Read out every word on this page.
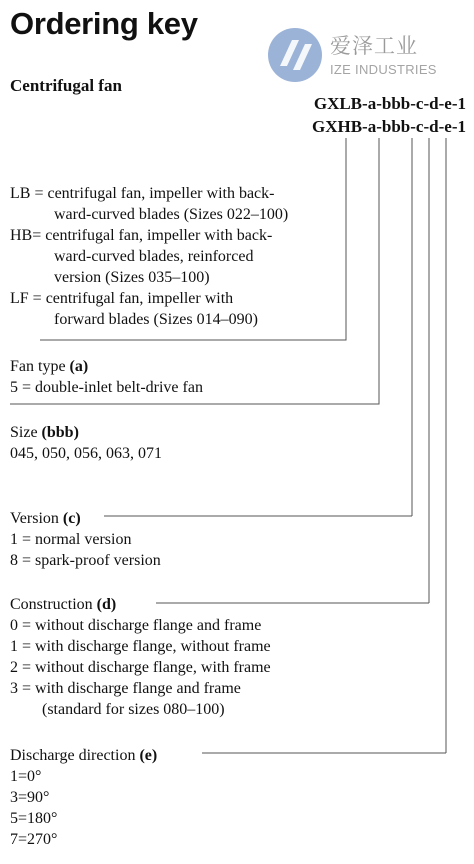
Ordering key
爱泽工业
IZE INDUSTRIES
Centrifugal fan
GXLB-a-bbb-c-d-e-1
GXHB-a-bbb-c-d-e-1
LB = centrifugal fan, impeller with back-
ward-curved blades (Sizes 022–100)
HB= centrifugal fan, impeller with back-
ward-curved blades, reinforced
version (Sizes 035–100)
LF = centrifugal fan, impeller with
forward blades (Sizes 014–090)
Fan type (a)
5 = double-inlet belt-drive fan
Size (bbb)
045, 050, 056, 063, 071
Version (c)
1 = normal version
8 = spark-proof version
Construction (d)
0 = without discharge flange and frame
1 = with discharge flange, without frame
2 = without discharge flange, with frame
3 = with discharge flange and frame
(standard for sizes 080–100)
Discharge direction (e)
1=0°
3=90°
5=180°
7=270°
